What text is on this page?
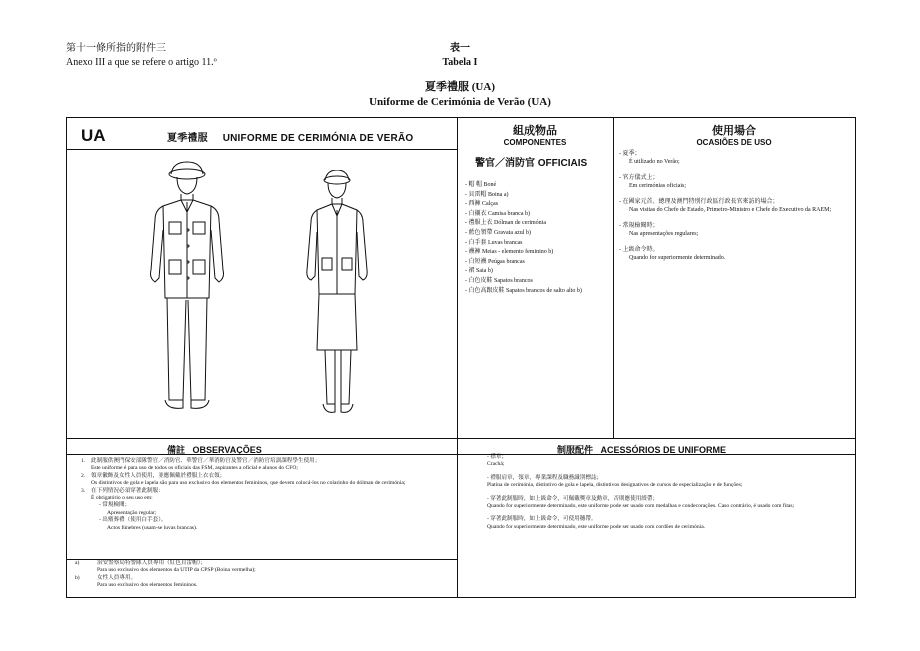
第十一條所指的附件三
Anexo III a que se refere o artigo 11.º
表一
Tabela I
夏季禮服 (UA)
Uniforme de Cerimónia de Verão (UA)
UA	夏季禮服 UNIFORME DE CERIMÓNIA DE VERÃO
組成物品
COMPONENTES
使用場合
OCASIÕES DE USO
警官／消防官 OFFICIAIS
- 帽 帽 Boné
- 貝雷帽 Boina a)
- 西褲 Calças
- 白襯衣 Camisa branca b)
- 禮服上衣 Dólman de cerimónia
- 藍色領帶 Gravata azul b)
- 白手套 Luvas brancas
- 襪褲 Meias - elemento feminino b)
- 白短襪 Peúgas brancas
- 裙 Saia b)
- 白色皮鞋 Sapatos brancos
- 白色高跟皮鞋 Sapatos brancos de salto alto b)
- 夏季；
É utilizado no Verão;
- 官方儀式上；
Em cerimónias oficiais;
- 在國家元首、總理及澳門特別行政區行政長官來訪的場合；
Nas visitas do Chefe de Estado, Primeiro-Ministro e Chefe do Executivo da RAEM;
- 常規檢閱時；
Nas apresentações regulares;
- 上級命令時。
Quando for superiormente determinado.
備註 OBSERVAÇÕES	制服配件 ACESSÓRIOS DE UNIFORME
1. 此制服供澳門保安部隊警官／消防官、華警官／華消防官及警官／消防官培訓課程學生使用；
Este uniforme é para uso de todos os oficiais das FSM, aspirantes a oficial e alunos do CFO;
2. 領章徽飾及女性人員使用，並應佩戴於禮服上衣衣領；
Os distintivos de gola e lapela são para uso exclusivo dos elementos femininos, que devem colocá-los no colarinho do dólman de cerimónia;
3. 在下列情況必須穿著此制服：
É obrigatório o seu uso em:
- 常規檢閱；
Apresentação regular;
- 出殯葬禮（使用白手套）。
Actos fúnebres (usam-se luvas brancas).
a)	治安警察局特警隊人員專用（紅色貝雷帽）；
Para uso exclusivo dos elementos da UTIP da CPSP (Boina vermelha);
b)	女性人員專用。
Para uso exclusivo dos elementos femininos.
- 襟章；
Crachá;
- 禮服肩章，領章，專業課程及職務識別標誌；
Platina de cerimónia, distintivo de gola e lapela, distintivos designativos de cursos de especialização e de funções;
- 穿著此制服時，如上級命令，可佩戴獎章及勳章，否則應使用綬帶；
Quando for superiormente determinado, este uniforme pode ser usado com medalhas e condecorações. Caso contrário, é usado com fitas;
- 穿著此制服時，如上級命令，可使用穗帶。
Quando for superiormente determinado, este uniforme pode ser usado com cordões de cerimónia.
